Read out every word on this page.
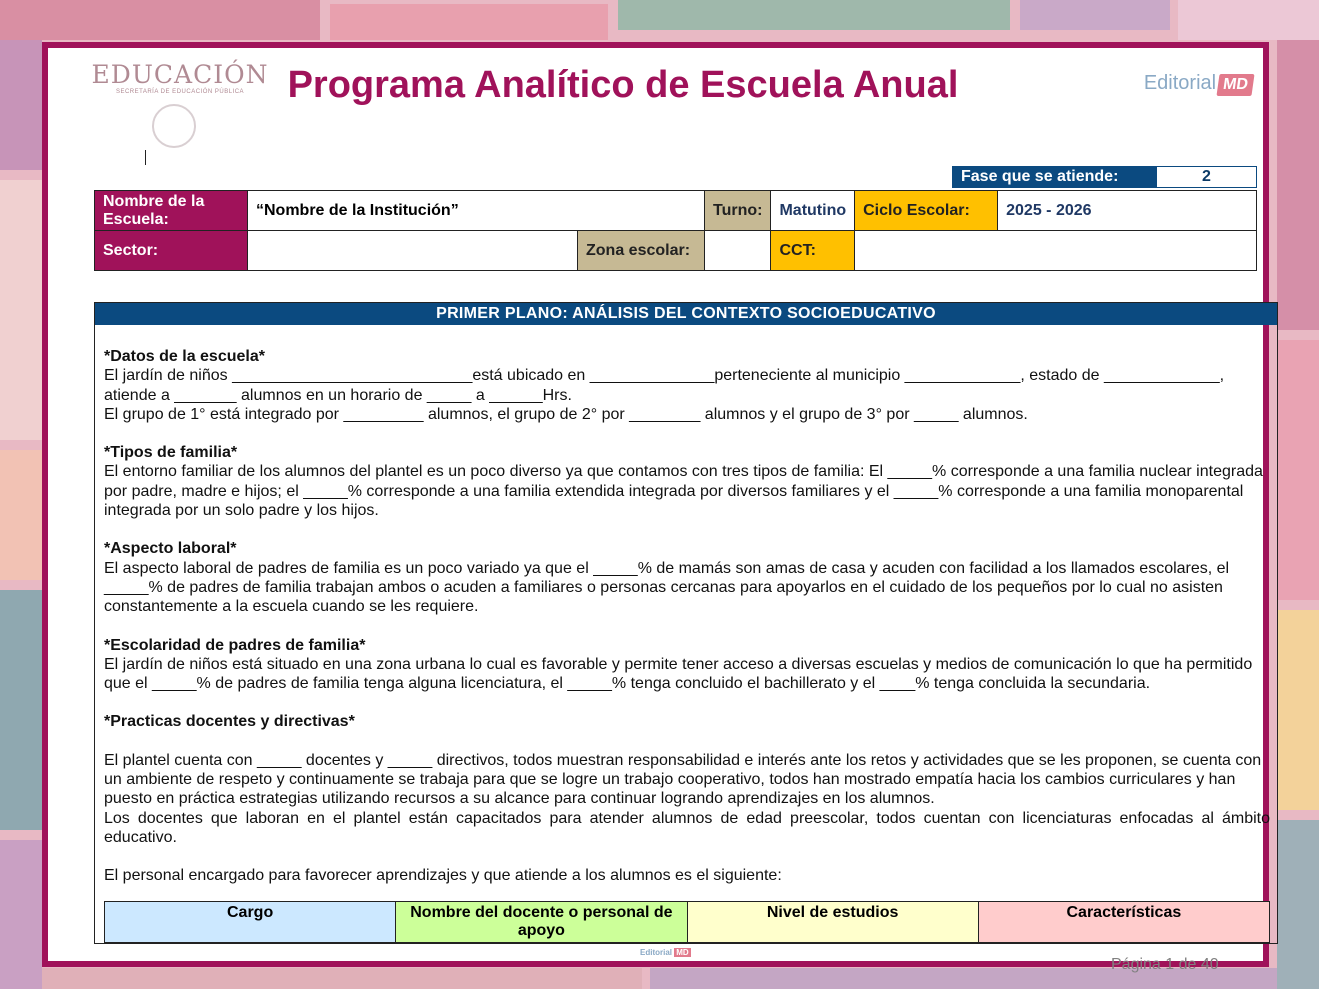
EDUCACIÓN
SECRETARÍA DE EDUCACIÓN PÚBLICA	Programa Analítico de Escuela Anual	Editorial MD
Fase que se atiende:	2
Nombre de la Escuela:	“Nombre de la Institución”		Turno:	Matutino	Ciclo Escolar:	2025 - 2026
Sector:		Zona escolar:		CCT:		
PRIMER PLANO: ANÁLISIS DEL CONTEXTO SOCIOEDUCATIVO

*Datos de la escuela*

El jardín de niños ___________________________está ubicado en ______________perteneciente al municipio _____________, estado de _____________,

atiende a _______ alumnos en un horario de _____ a ______Hrs.

El grupo de 1° está integrado por _________ alumnos, el grupo de 2° por ________ alumnos y el grupo de 3° por _____ alumnos.

*Tipos de familia*

El entorno familiar de los alumnos del plantel es un poco diverso ya que contamos con tres tipos de familia: El _____% corresponde a una familia nuclear integrada por padre, madre e hijos; el _____% corresponde a una familia extendida integrada por diversos familiares y el _____% corresponde a una familia monoparental integrada por un solo padre y los hijos.

*Aspecto laboral*

El aspecto laboral de padres de familia es un poco variado ya que el _____% de mamás son amas de casa y acuden con facilidad a los llamados escolares, el _____% de padres de familia trabajan ambos o acuden a familiares o personas cercanas para apoyarlos en el cuidado de los pequeños por lo cual no asisten constantemente a la escuela cuando se les requiere.

*Escolaridad de padres de familia*

El jardín de niños está situado en una zona urbana lo cual es favorable y permite tener acceso a diversas escuelas y medios de comunicación lo que ha permitido que el _____% de padres de familia tenga alguna licenciatura, el _____% tenga concluido el bachillerato y el ____% tenga concluida la secundaria.

*Practicas docentes y directivas*

El plantel cuenta con _____ docentes y _____ directivos, todos muestran responsabilidad e interés ante los retos y actividades que se les proponen, se cuenta con un ambiente de respeto y continuamente se trabaja para que se logre un trabajo cooperativo, todos han mostrado empatía hacia los cambios curriculares y han puesto en práctica estrategias utilizando recursos a su alcance para continuar logrando aprendizajes en los alumnos.

Los docentes que laboran en el plantel están capacitados para atender alumnos de edad preescolar, todos cuentan con licenciaturas enfocadas al ámbito educativo.

El personal encargado para favorecer aprendizajes y que atiende a los alumnos es el siguiente:

Cargo	Nombre del docente o personal de apoyo	Nivel de estudios	Características
Editorial MD
Página 1 de 40
